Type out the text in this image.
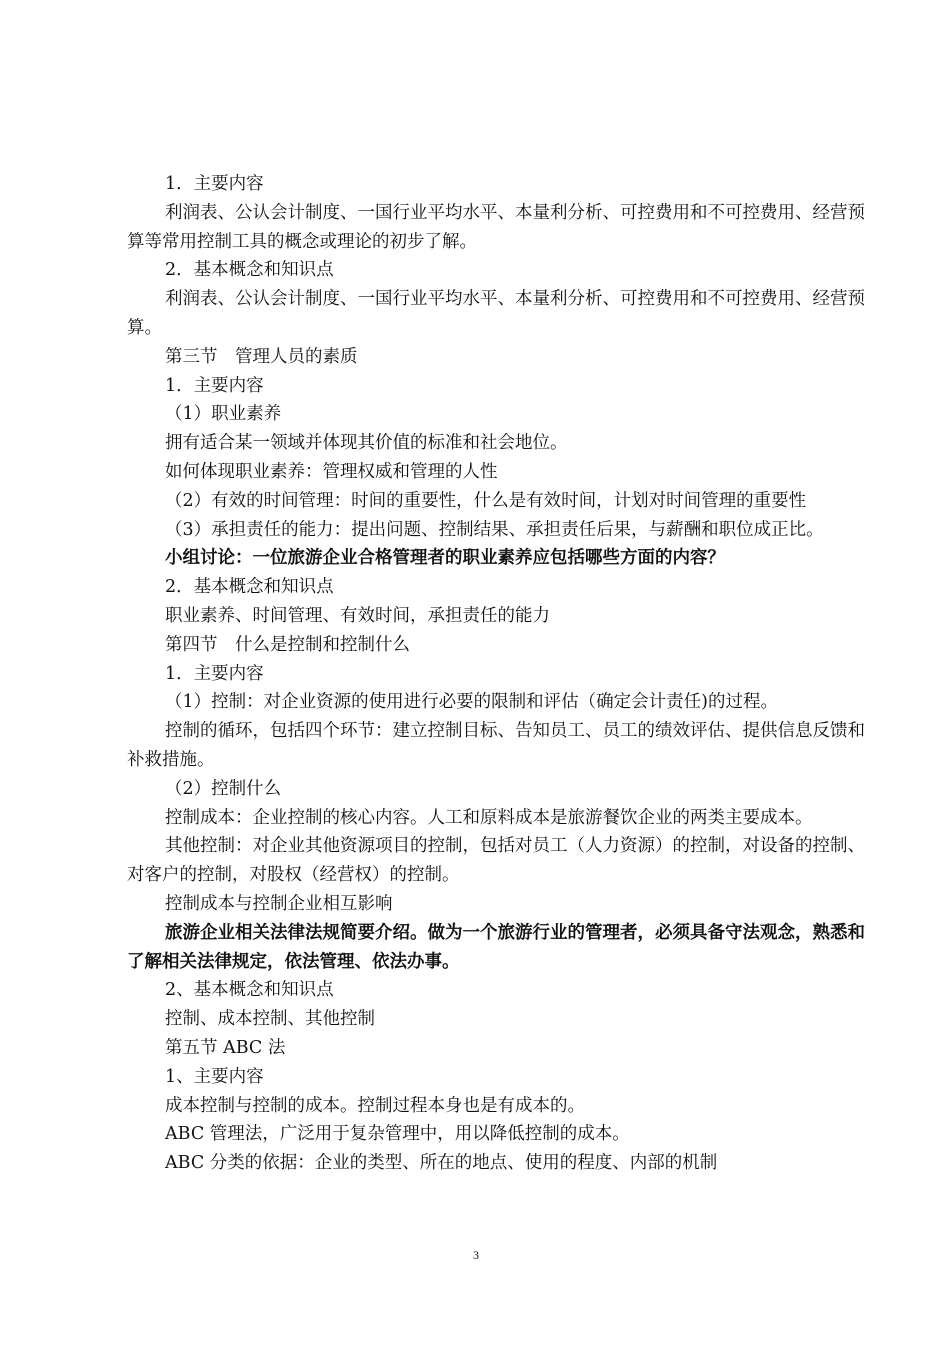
1．主要内容

利润表、公认会计制度、一国行业平均水平、本量利分析、可控费用和不可控费用、经营预算等常用控制工具的概念或理论的初步了解。

2．基本概念和知识点

利润表、公认会计制度、一国行业平均水平、本量利分析、可控费用和不可控费用、经营预算。

第三节　管理人员的素质

1．主要内容

（1）职业素养

拥有适合某一领域并体现其价值的标准和社会地位。

如何体现职业素养：管理权威和管理的人性

（2）有效的时间管理：时间的重要性，什么是有效时间，计划对时间管理的重要性

（3）承担责任的能力：提出问题、控制结果、承担责任后果，与薪酬和职位成正比。

小组讨论：一位旅游企业合格管理者的职业素养应包括哪些方面的内容？

2．基本概念和知识点

职业素养、时间管理、有效时间，承担责任的能力

第四节　什么是控制和控制什么

1．主要内容

（1）控制：对企业资源的使用进行必要的限制和评估（确定会计责任)的过程。

控制的循环，包括四个环节：建立控制目标、告知员工、员工的绩效评估、提供信息反馈和补救措施。

（2）控制什么

控制成本：企业控制的核心内容。人工和原料成本是旅游餐饮企业的两类主要成本。

其他控制：对企业其他资源项目的控制，包括对员工（人力资源）的控制，对设备的控制、对客户的控制，对股权（经营权）的控制。

控制成本与控制企业相互影响

旅游企业相关法律法规简要介绍。做为一个旅游行业的管理者，必须具备守法观念，熟悉和了解相关法律规定，依法管理、依法办事。

2、基本概念和知识点

控制、成本控制、其他控制

第五节 ABC 法

1、主要内容

成本控制与控制的成本。控制过程本身也是有成本的。

ABC 管理法，广泛用于复杂管理中，用以降低控制的成本。

ABC 分类的依据：企业的类型、所在的地点、使用的程度、内部的机制

3
